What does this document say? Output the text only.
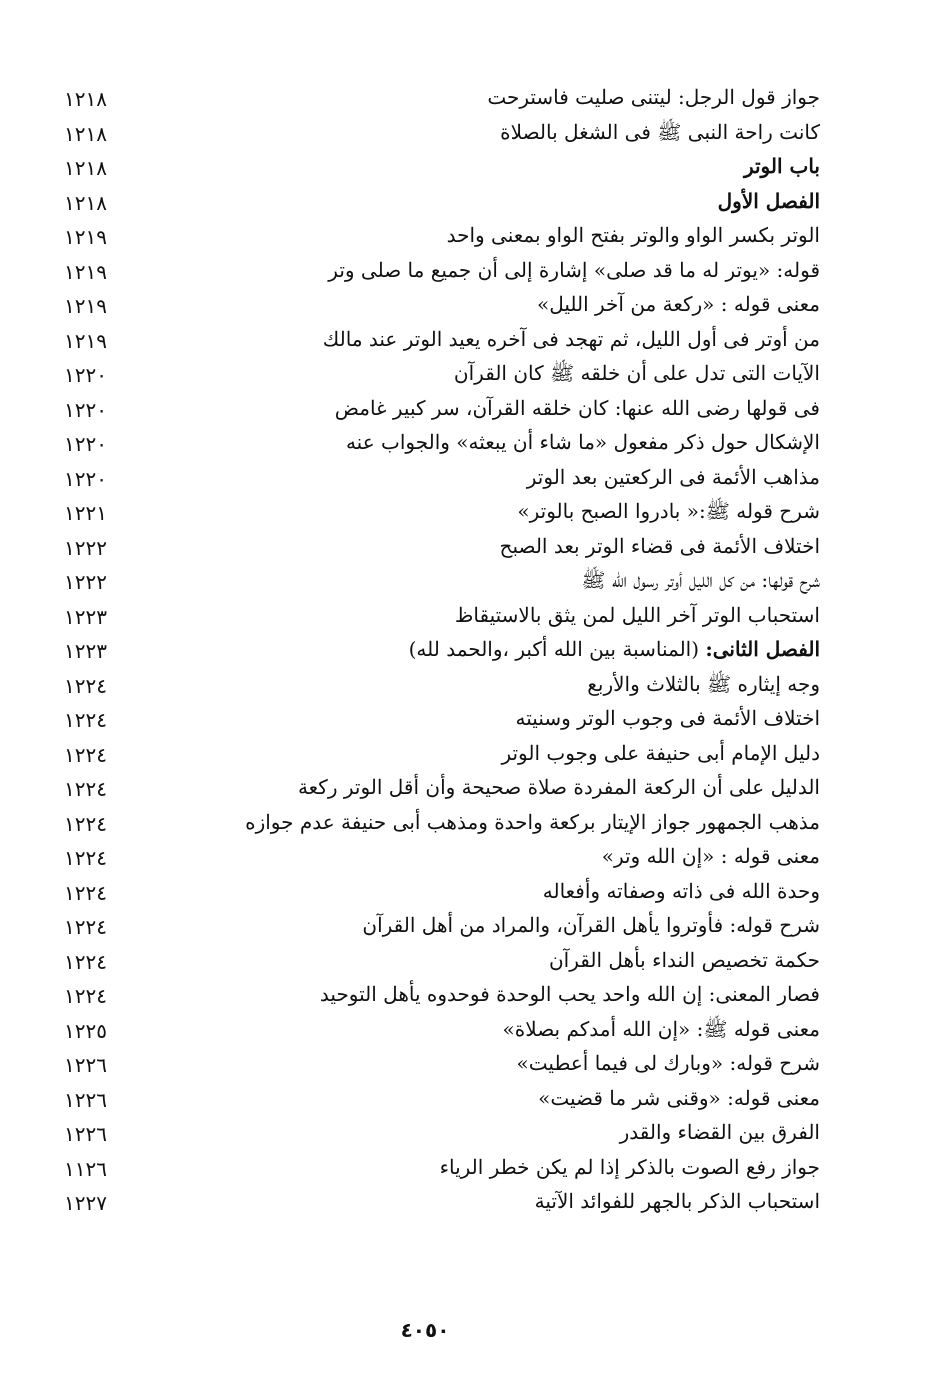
جواز قول الرجل: ليتنى صليت فاسترحت
١٢١٨
كانت راحة النبى ﷺ فى الشغل بالصلاة
١٢١٨
باب الوتر
١٢١٨
الفصل الأول
١٢١٨
الوتر بكسر الواو والوتر بفتح الواو بمعنى واحد
١٢١٩
قوله: «يوتر له ما قد صلى» إشارة إلى أن جميع ما صلى وتر
١٢١٩
معنى قوله : «ركعة من آخر الليل»
١٢١٩
من أوتر فى أول الليل، ثم تهجد فى آخره يعيد الوتر عند مالك
١٢١٩
الآيات التى تدل على أن خلقه ﷺ كان القرآن
١٢٢٠
فى قولها رضى الله عنها: كان خلقه القرآن، سر كبير غامض
١٢٢٠
الإشكال حول ذكر مفعول «ما شاء أن يبعثه» والجواب عنه
١٢٢٠
مذاهب الأئمة فى الركعتين بعد الوتر
١٢٢٠
شرح قوله ﷺ:« بادروا الصبح بالوتر»
١٢٢١
اختلاف الأئمة فى قضاء الوتر بعد الصبح
١٢٢٢
شرح قولها: من كل الليل أوتر رسول الله ﷺ
١٢٢٢
استحباب الوتر آخر الليل لمن يثق بالاستيقاظ
١٢٢٣
الفصل الثانى: (المناسبة بين الله أكبر ،والحمد لله)
١٢٢٣
وجه إيثاره ﷺ بالثلاث والأربع
١٢٢٤
اختلاف الأئمة فى وجوب الوتر وسنيته
١٢٢٤
دليل الإمام أبى حنيفة على وجوب الوتر
١٢٢٤
الدليل على أن الركعة المفردة صلاة صحيحة وأن أقل الوتر ركعة
١٢٢٤
مذهب الجمهور جواز الإيتار بركعة واحدة ومذهب أبى حنيفة عدم جوازه
١٢٢٤
معنى قوله : «إن الله وتر»
١٢٢٤
وحدة الله فى ذاته وصفاته وأفعاله
١٢٢٤
شرح قوله: فأوتروا يأهل القرآن، والمراد من أهل القرآن
١٢٢٤
حكمة تخصيص النداء بأهل القرآن
١٢٢٤
فصار المعنى: إن الله واحد يحب الوحدة فوحدوه يأهل التوحيد
١٢٢٤
معنى قوله ﷺ: «إن الله أمدكم بصلاة»
١٢٢٥
شرح قوله: «وبارك لى فيما أعطيت»
١٢٢٦
معنى قوله: «وقنى شر ما قضيت»
١٢٢٦
الفرق بين القضاء والقدر
١٢٢٦
جواز رفع الصوت بالذكر إذا لم يكن خطر الرياء
١١٢٦
استحباب الذكر بالجهر للفوائد الآتية
١٢٢٧
٤٠٥٠
